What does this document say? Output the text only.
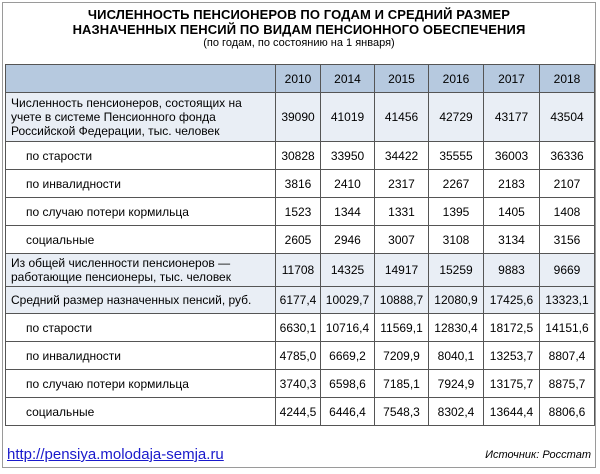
ЧИСЛЕННОСТЬ ПЕНСИОНЕРОВ ПО ГОДАМ И СРЕДНИЙ РАЗМЕР
НАЗНАЧЕННЫХ ПЕНСИЙ ПО ВИДАМ ПЕНСИОННОГО ОБЕСПЕЧЕНИЯ
(по годам, по состоянию на 1 января)
	2010	2014	2015	2016	2017	2018
Численность пенсионеров, состоящих на учете в системе Пенсионного фонда Российской Федерации, тыс. человек	39090	41019	41456	42729	43177	43504
по старости	30828	33950	34422	35555	36003	36336
по инвалидности	3816	2410	2317	2267	2183	2107
по случаю потери кормильца	1523	1344	1331	1395	1405	1408
социальные	2605	2946	3007	3108	3134	3156
Из общей численности пенсионеров — работающие пенсионеры, тыс. человек	11708	14325	14917	15259	9883	9669
Средний размер назначенных пенсий, руб.	6177,4	10029,7	10888,7	12080,9	17425,6	13323,1
по старости	6630,1	10716,4	11569,1	12830,4	18172,5	14151,6
по инвалидности	4785,0	6669,2	7209,9	8040,1	13253,7	8807,4
по случаю потери кормильца	3740,3	6598,6	7185,1	7924,9	13175,7	8875,7
социальные	4244,5	6446,4	7548,3	8302,4	13644,4	8806,6
http://pensiya.molodaja-semja.ru	Источник: Росстат
